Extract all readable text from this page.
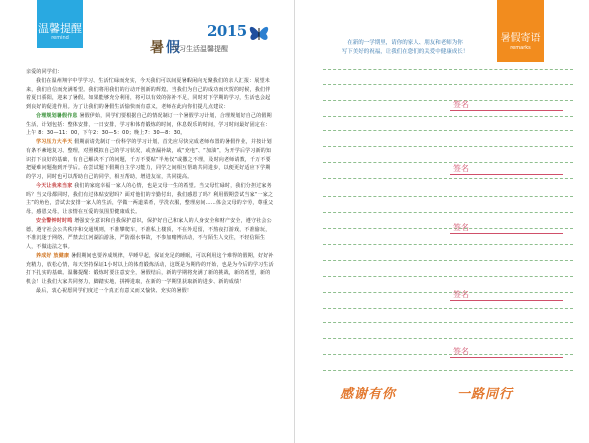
温馨提醒
remind
暑 假
2015
学习生活温馨提醒

亲爱的同学们：

我们在温州翔宇中学学习、生活忙碌而充实，今天我们可以间夏暑暇闲向无聚我们的亲人汇报：展望未来，我们自信而充满希望。我们将用我们的行动开创新的辉煌。当我们为自己的成功而庆贺的时候，我们伴着夏日骄阳，迎来了暑假。如果能够充分利用，将可以有效的弥补不足，同时对下学期的学习，生活也会起到良好的促进作用。为了让我们的暑假生活愉快而有意义，老师在此向你们提几点建议：

合理规划暑假作息 暑假伊始，同学们要根据自己的情况制订一个暑假学习计划，合理规划好自己的假期生活，计划包括：整体安排，一日安排，学习和体育锻炼的时间，休息娱乐的时间，学习时间最好固定在：上午 8：30—11：00，下午2：30—5：00；晚上7：30—8：30。

学习压力大半天 假期前请先制订一份科学的学习计划，首先应尽快完成老师布置的暑假作业，并按计划有条不紊地复习、整理，对照模拟自己的学习状况，或查漏补缺，或“充电”、“加油”，为开学后学习新的知识打下良好的基础，有自己解决不了的问题，千万不要贴“半角仅”或撒之不理，及时向老师请教，千万不要把疑难问题拖到开学后。在尝试题下假期自主学习能力，同学之间相互帮助共同进步，以便更好适应下学期的学习，同时也可以帮助自己的同学，相互帮助，增进友谊，共同提高。

今天让我来当家 我们的家庭幸福一家人的心情，也是父母一生的希望。当父母忙碌时，我们分担过家务吗？当父母都同时，我们有过体贴安慰吗？面对他们的辛勤付出，我们感恩了吗？利用假期尝试当家“一家之主”的角色，尝试去安排一家人的生活，学做一两道菜肴，学洗衣服，整理房间……体会父母的辛劳，尊重父母，感恩父母，让亲情在互爱的氛围里健康成长。

安全警钟时时鸣 增强安全意识和自我保护意识，保护好自己和家人的人身安全和财产安全，遵守社会公德，遵守社会公共秩序和交通规则，不准攀爬车，不准私上楼顶，不在外逗留，不熬夜打游戏，不准偷玩，不准沉迷于网络，严禁去江河湖泊游泳，严防溺水事故，不参加赌博活动，不与陌生人交往，不轻信陌生人，不做违法之事。

养成好 放健康 暑假期间也要养成规律，早睡早起，保证充足的睡眠，可以利用这个难得的假期，好好补充精力，放松心情，每天坚持保证1小时以上的体育锻炼活动，这既是为期待的开始，也是为今后的学习生活打下扎实的基础。温馨提醒：锻炼时要注意安全，暑假结后，新的学期将充满了新的挑战，新的希望，新的机会！让我们大家共同努力，脚踏实地，拼搏进取，在新的一学期里获取新的进步、新的成绩！

最后，衷心祝愿同学们度过一个真正有意义而又愉快、充实的暑假！

在新的一学期里，请你的家人、朋友和老师为你
写下美好的祝福，让我们在您们的关爱中健康成长！
暑假寄语
remarks
签名
签名
签名
签名
签名
感谢有你	一路同行
